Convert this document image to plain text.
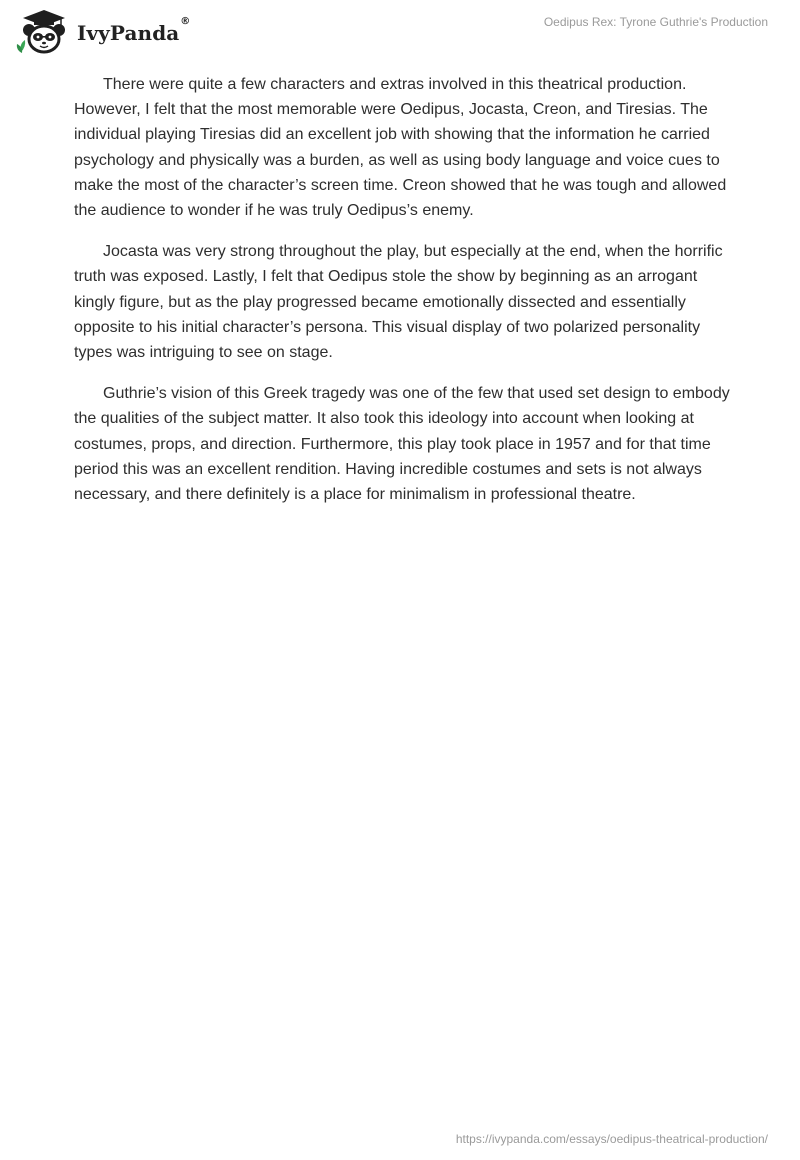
IvyPanda ®	Oedipus Rex: Tyrone Guthrie's Production

There were quite a few characters and extras involved in this theatrical production. However, I felt that the most memorable were Oedipus, Jocasta, Creon, and Tiresias. The individual playing Tiresias did an excellent job with showing that the information he carried psychology and physically was a burden, as well as using body language and voice cues to make the most of the character’s screen time. Creon showed that he was tough and allowed the audience to wonder if he was truly Oedipus’s enemy.

Jocasta was very strong throughout the play, but especially at the end, when the horrific truth was exposed. Lastly, I felt that Oedipus stole the show by beginning as an arrogant kingly figure, but as the play progressed became emotionally dissected and essentially opposite to his initial character’s persona. This visual display of two polarized personality types was intriguing to see on stage.

Guthrie’s vision of this Greek tragedy was one of the few that used set design to embody the qualities of the subject matter. It also took this ideology into account when looking at costumes, props, and direction. Furthermore, this play took place in 1957 and for that time period this was an excellent rendition. Having incredible costumes and sets is not always necessary, and there definitely is a place for minimalism in professional theatre.

https://ivypanda.com/essays/oedipus-theatrical-production/
